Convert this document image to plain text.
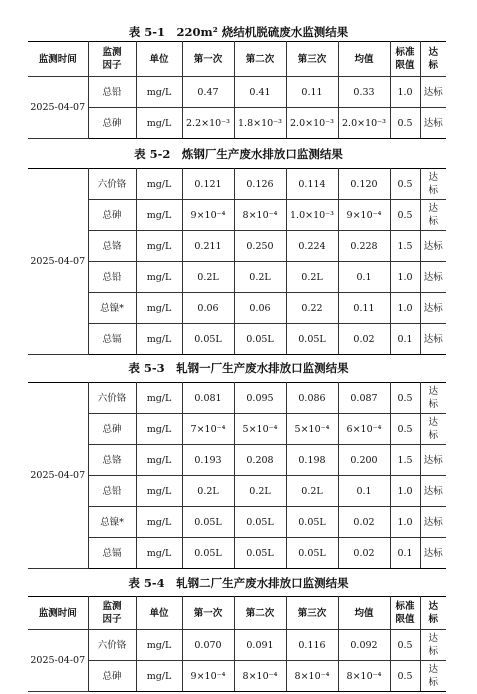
表 5-1　220m² 烧结机脱硫废水监测结果
监测时间	监测因子	单位	第一次	第二次	第三次	均值	标准限值	达标
2025-04-07	总铅	mg/L	0.47	0.41	0.11	0.33	1.0	达标
	总砷	mg/L	2.2×10⁻³	1.8×10⁻³	2.0×10⁻³	2.0×10⁻³	0.5	达标
表 5-2　炼钢厂生产废水排放口监测结果
2025-04-07	六价铬	mg/L	0.121	0.126	0.114	0.120	0.5	达标
	总砷	mg/L	9×10⁻⁴	8×10⁻⁴	1.0×10⁻³	9×10⁻⁴	0.5	达标
	总铬	mg/L	0.211	0.250	0.224	0.228	1.5	达标
	总铅	mg/L	0.2L	0.2L	0.2L	0.1	1.0	达标
	总镍*	mg/L	0.06	0.06	0.22	0.11	1.0	达标
	总镉	mg/L	0.05L	0.05L	0.05L	0.02	0.1	达标
表 5-3　轧钢一厂生产废水排放口监测结果
2025-04-07	六价铬	mg/L	0.081	0.095	0.086	0.087	0.5	达标
	总砷	mg/L	7×10⁻⁴	5×10⁻⁴	5×10⁻⁴	6×10⁻⁴	0.5	达标
	总铬	mg/L	0.193	0.208	0.198	0.200	1.5	达标
	总铅	mg/L	0.2L	0.2L	0.2L	0.1	1.0	达标
	总镍*	mg/L	0.05L	0.05L	0.05L	0.02	1.0	达标
	总镉	mg/L	0.05L	0.05L	0.05L	0.02	0.1	达标
表 5-4　轧钢二厂生产废水排放口监测结果
监测时间	监测因子	单位	第一次	第二次	第三次	均值	标准限值	达标
2025-04-07	六价铬	mg/L	0.070	0.091	0.116	0.092	0.5	达标
	总砷	mg/L	9×10⁻⁴	8×10⁻⁴	8×10⁻⁴	8×10⁻⁴	0.5	达标
